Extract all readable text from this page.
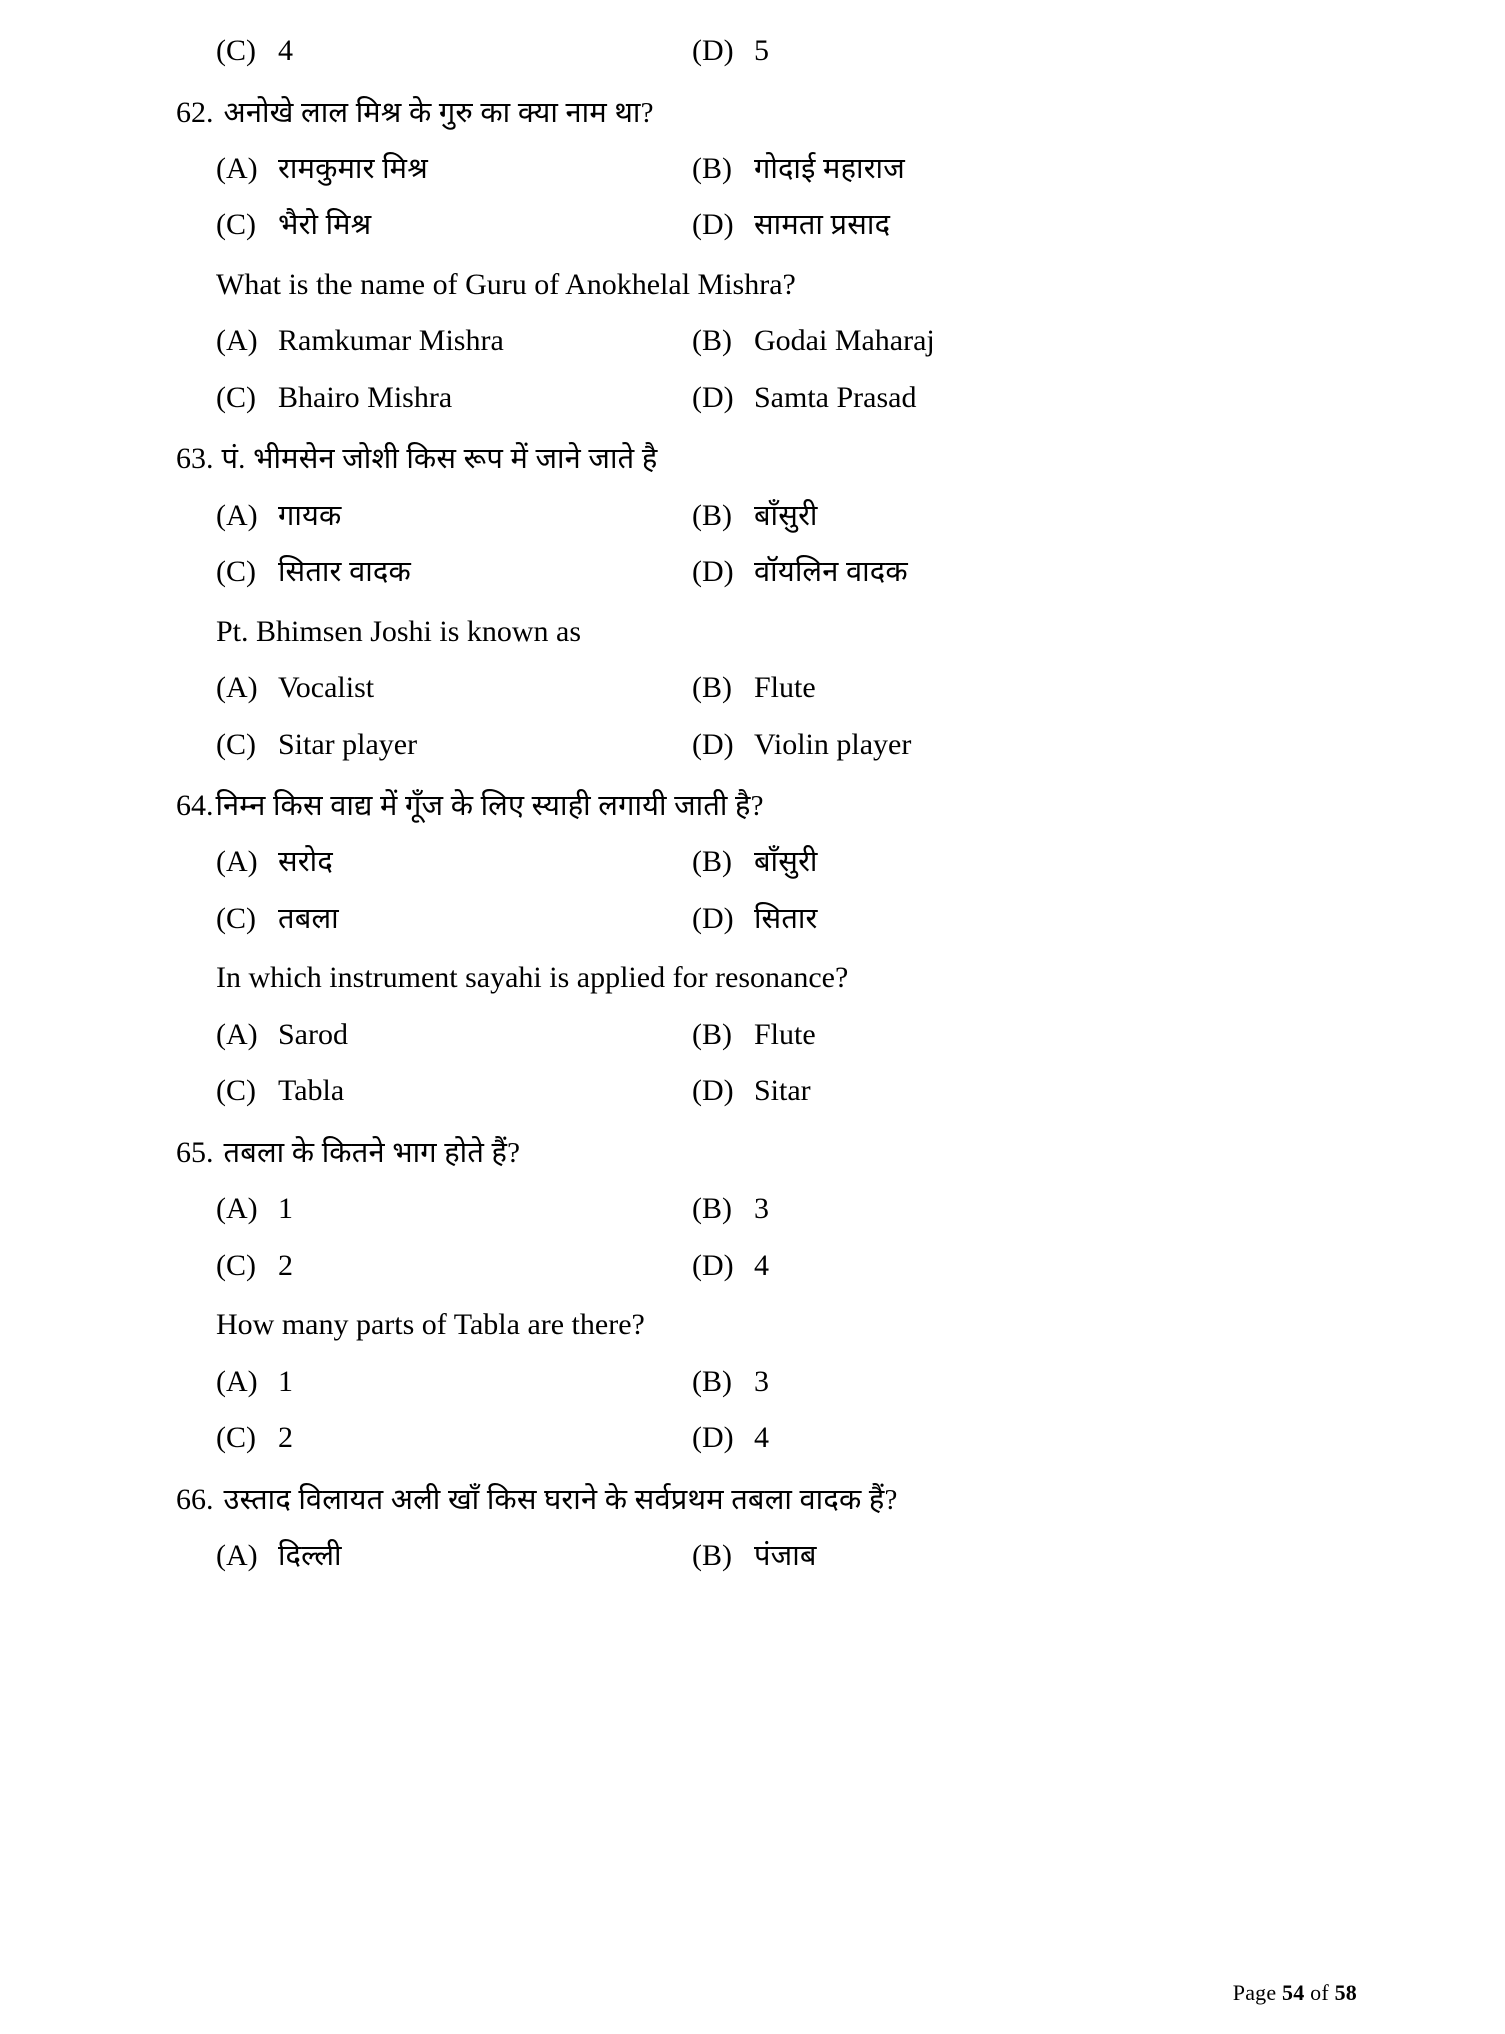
(C) 4	(D) 5
62. अनोखे लाल मिश्र के गुरु का क्या नाम था?
(A) रामकुमार मिश्र	(B) गोदाई महाराज
(C) भैरो मिश्र	(D) सामता प्रसाद
What is the name of Guru of Anokhelal Mishra?
(A) Ramkumar Mishra	(B) Godai Maharaj
(C) Bhairo Mishra	(D) Samta Prasad
63. पं. भीमसेन जोशी किस रूप में जाने जाते है
(A) गायक	(B) बाँसुरी
(C) सितार वादक	(D) वॉयलिन वादक
Pt. Bhimsen Joshi is known as
(A) Vocalist	(B) Flute
(C) Sitar player	(D) Violin player
64. निम्न किस वाद्य में गूँज के लिए स्याही लगायी जाती है?
(A) सरोद	(B) बाँसुरी
(C) तबला	(D) सितार
In which instrument sayahi is applied for resonance?
(A) Sarod	(B) Flute
(C) Tabla	(D) Sitar
65. तबला के कितने भाग होते हैं?
(A) 1	(B) 3
(C) 2	(D) 4
How many parts of Tabla are there?
(A) 1	(B) 3
(C) 2	(D) 4
66. उस्ताद विलायत अली खाँ किस घराने के सर्वप्रथम तबला वादक हैं?
(A) दिल्ली	(B) पंजाब
Page 54 of 58
